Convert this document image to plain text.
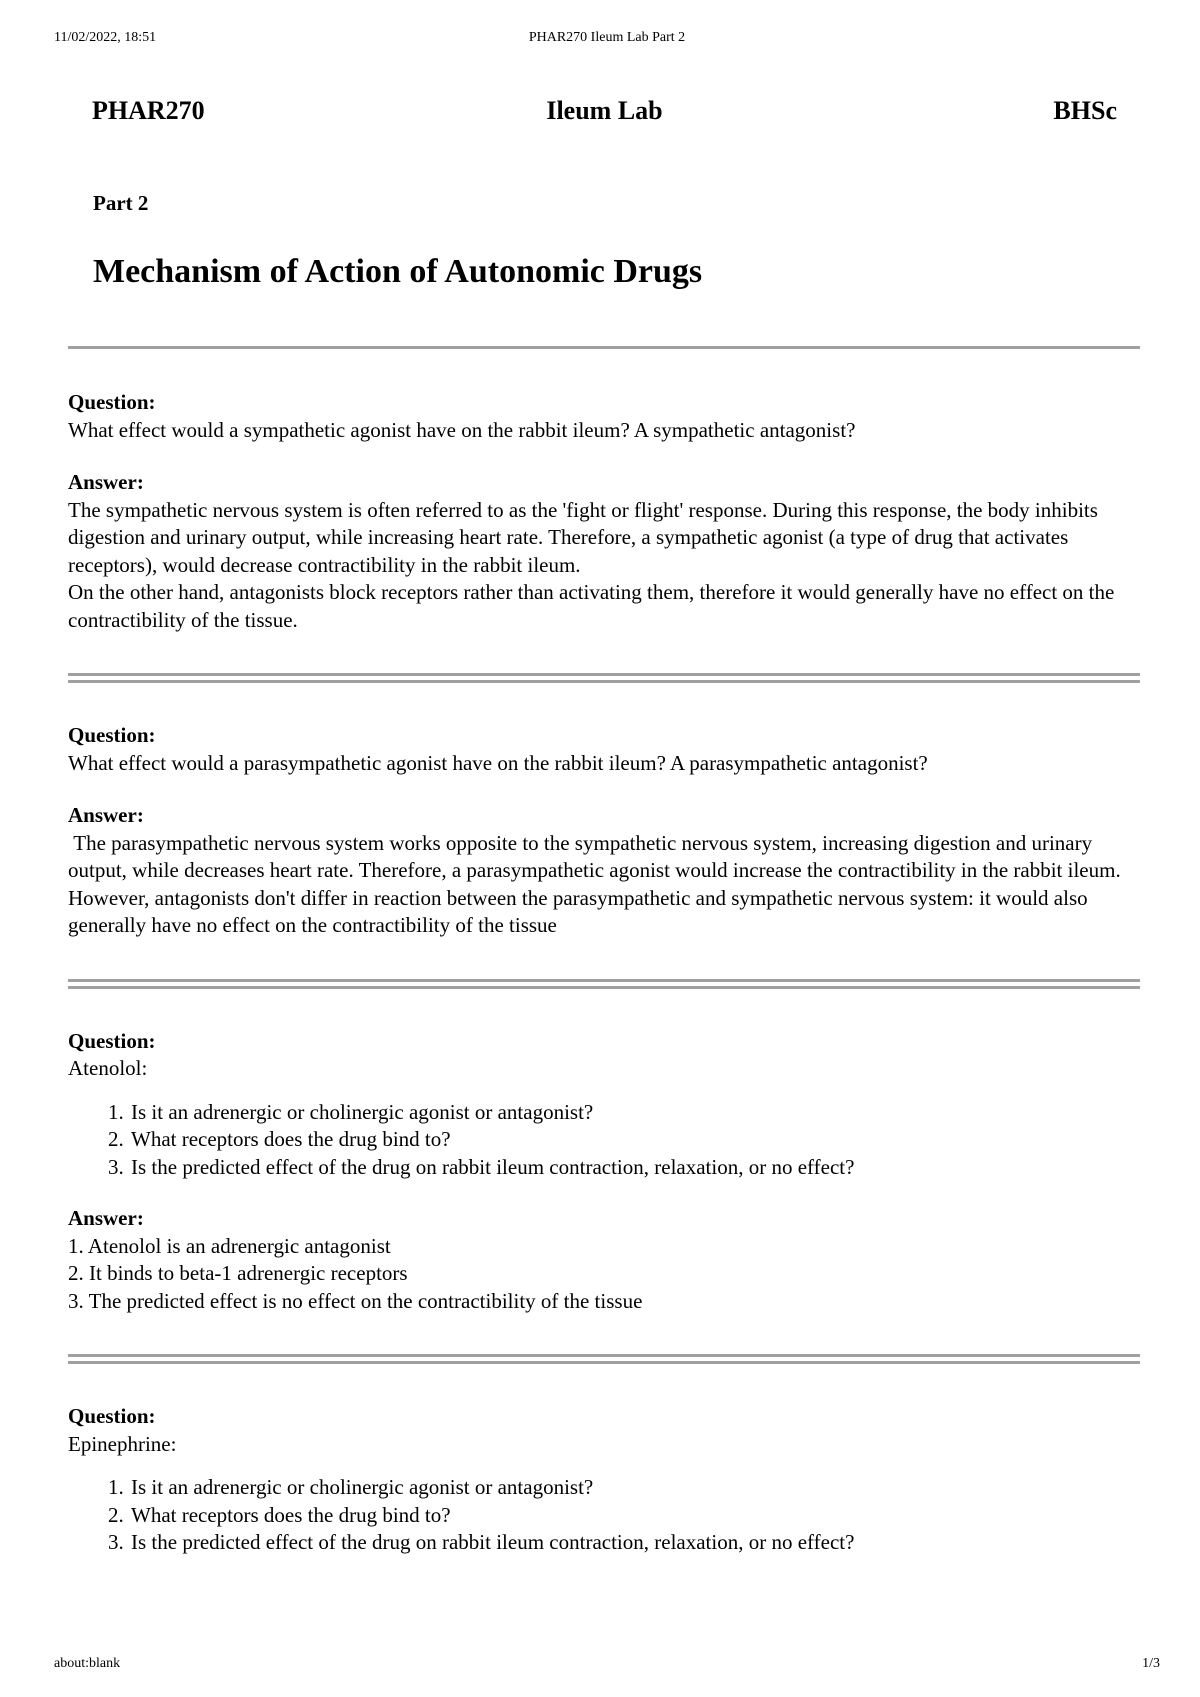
11/02/2022, 18:51	PHAR270 Ileum Lab Part 2
PHAR270	Ileum Lab	BHSc
Part 2
Mechanism of Action of Autonomic Drugs
Question:
What effect would a sympathetic agonist have on the rabbit ileum? A sympathetic antagonist?
Answer:
The sympathetic nervous system is often referred to as the 'fight or flight' response. During this response, the body inhibits digestion and urinary output, while increasing heart rate. Therefore, a sympathetic agonist (a type of drug that activates receptors), would decrease contractibility in the rabbit ileum.
On the other hand, antagonists block receptors rather than activating them, therefore it would generally have no effect on the contractibility of the tissue.
Question:
What effect would a parasympathetic agonist have on the rabbit ileum? A parasympathetic antagonist?
Answer:
The parasympathetic nervous system works opposite to the sympathetic nervous system, increasing digestion and urinary output, while decreases heart rate. Therefore, a parasympathetic agonist would increase the contractibility in the rabbit ileum.
However, antagonists don't differ in reaction between the parasympathetic and sympathetic nervous system: it would also generally have no effect on the contractibility of the tissue
Question:
Atenolol:
1. Is it an adrenergic or cholinergic agonist or antagonist?
2. What receptors does the drug bind to?
3. Is the predicted effect of the drug on rabbit ileum contraction, relaxation, or no effect?
Answer:
1. Atenolol is an adrenergic antagonist
2. It binds to beta-1 adrenergic receptors
3. The predicted effect is no effect on the contractibility of the tissue
Question:
Epinephrine:
1. Is it an adrenergic or cholinergic agonist or antagonist?
2. What receptors does the drug bind to?
3. Is the predicted effect of the drug on rabbit ileum contraction, relaxation, or no effect?
about:blank	1/3
